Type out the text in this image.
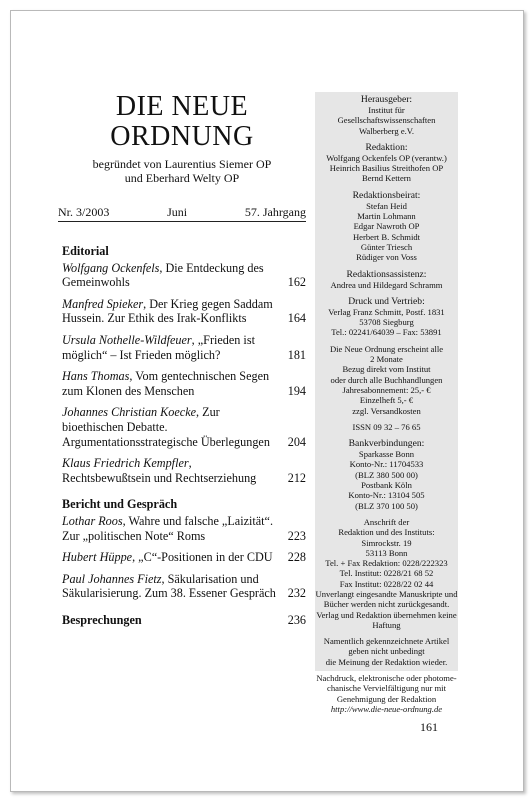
DIE NEUE
ORDNUNG
begründet von Laurentius Siemer OP
und Eberhard Welty OP
Nr. 3/2003	Juni	57. Jahrgang
Editorial
Wolfgang Ockenfels, Die Entdeckung des Gemeinwohls	162
Manfred Spieker, Der Krieg gegen Saddam Hussein. Zur Ethik des Irak-Konflikts	164
Ursula Nothelle-Wildfeuer, „Frieden ist möglich“ – Ist Frieden möglich?	181
Hans Thomas, Vom gentechnischen Segen zum Klonen des Menschen	194
Johannes Christian Koecke, Zur bioethischen Debatte. Argumentationsstrategische Überlegungen 204
Klaus Friedrich Kempfler, Rechtsbewußtsein und Rechtserziehung	212
Bericht und Gespräch
Lothar Roos, Wahre und falsche „Laizität“. Zur „politischen Note“ Roms	223
Hubert Hüppe, „C“-Positionen in der CDU 228
Paul Johannes Fietz, Säkularisation und Säkularisierung. Zum 38. Essener Gespräch 232
Besprechungen	236
Herausgeber:
Institut für
Gesellschaftswissenschaften
Walberberg e.V.
Redaktion:
Wolfgang Ockenfels OP (verantw.)
Heinrich Basilius Streithofen OP
Bernd Kettern
Redaktionsbeirat:
Stefan Heid
Martin Lohmann
Edgar Nawroth OP
Herbert B. Schmidt
Günter Triesch
Rüdiger von Voss
Redaktionsassistenz:
Andrea und Hildegard Schramm
Druck und Vertrieb:
Verlag Franz Schmitt, Postf. 1831
53708 Siegburg
Tel.: 02241/64039 – Fax: 53891
Die Neue Ordnung erscheint alle
2 Monate
Bezug direkt vom Institut
oder durch alle Buchhandlungen
Jahresabonnement: 25,- €
Einzelheft 5,- €
zzgl. Versandkosten
ISSN 09 32 – 76 65
Bankverbindungen:
Sparkasse Bonn
Konto-Nr.: 11704533
(BLZ 380 500 00)
Postbank Köln
Konto-Nr.: 13104 505
(BLZ 370 100 50)
Anschrift der
Redaktion und des Instituts:
Simrockstr. 19
53113 Bonn
Tel. + Fax Redaktion: 0228/222323
Tel. Institut: 0228/21 68 52
Fax Institut: 0228/22 02 44
Unverlangt eingesandte Manuskripte und
Bücher werden nicht zurückgesandt.
Verlag und Redaktion übernehmen keine
Haftung
Namentlich gekennzeichnete Artikel
geben nicht unbedingt
die Meinung der Redaktion wieder.
Nachdruck, elektronische oder photome-
chanische Vervielfältigung nur mit
Genehmigung der Redaktion
http://www.die-neue-ordnung.de
161
